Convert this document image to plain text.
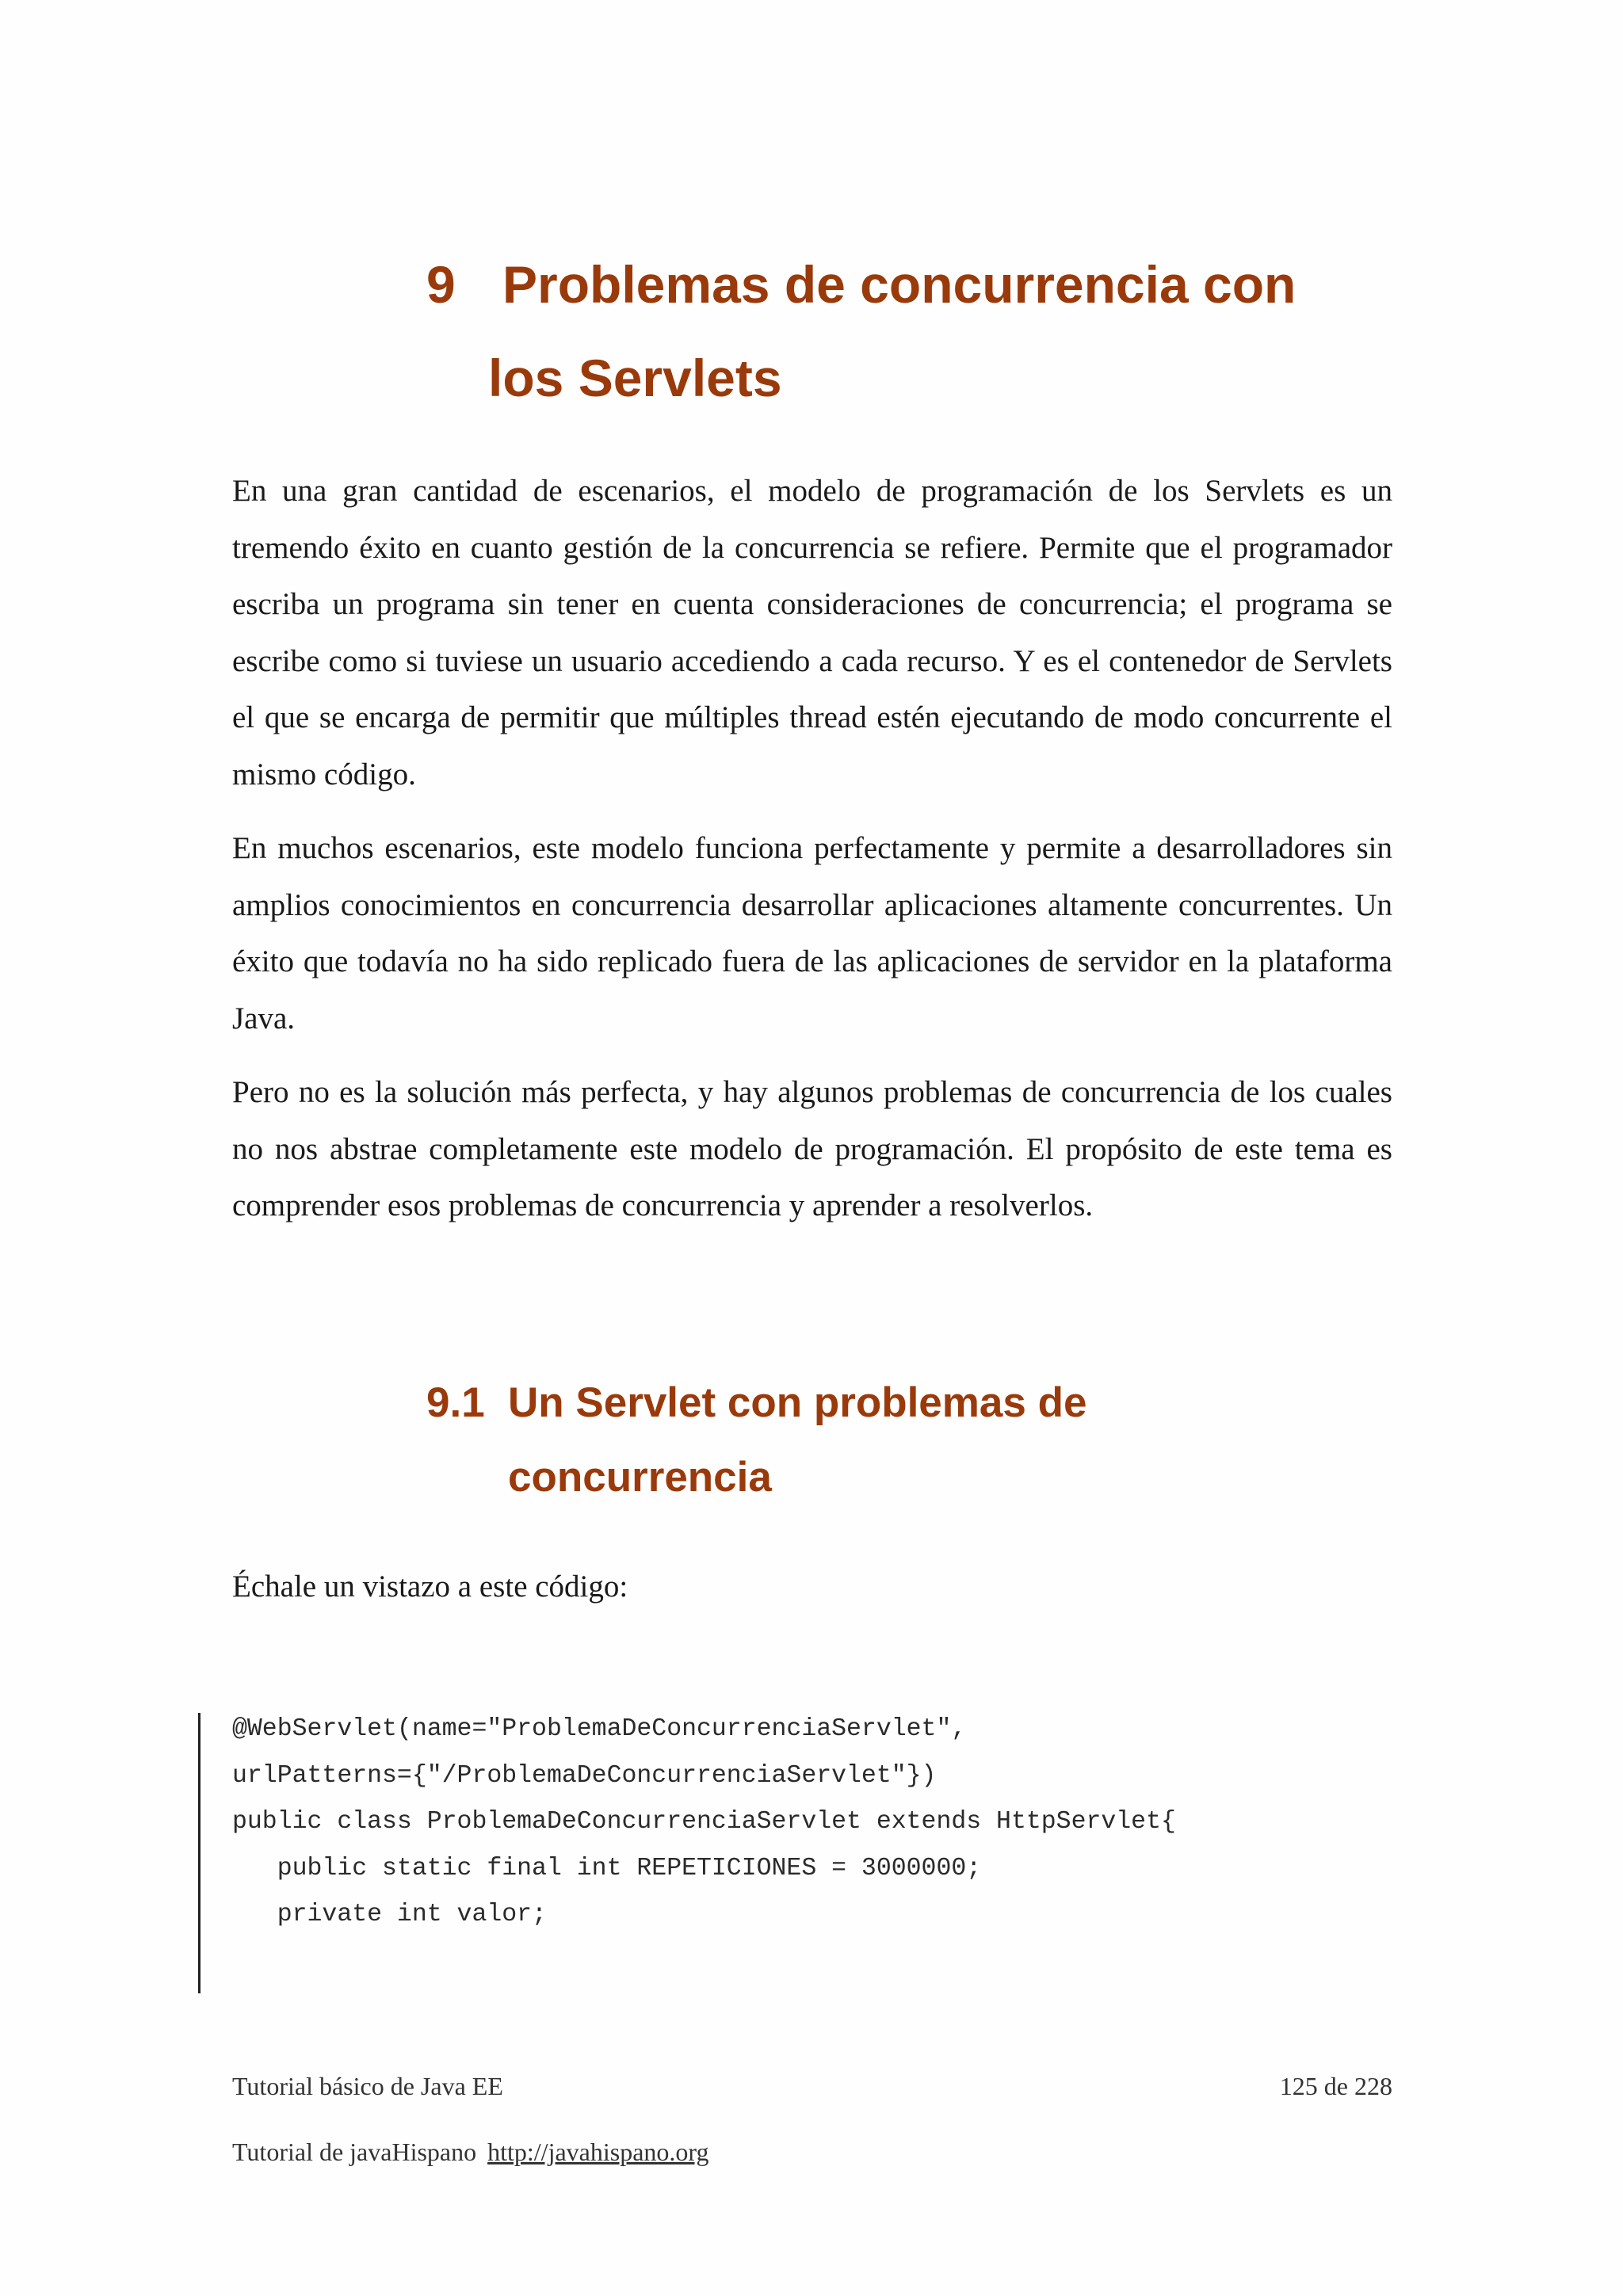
9 Problemas de concurrencia con
los Servlets

En una gran cantidad de escenarios, el modelo de programación de los Servlets es un tremendo éxito en cuanto gestión de la concurrencia se refiere. Permite que el programador escriba un programa sin tener en cuenta consideraciones de concurrencia; el programa se escribe como si tuviese un usuario accediendo a cada recurso. Y es el contenedor de Servlets el que se encarga de permitir que múltiples thread estén ejecutando de modo concurrente el mismo código.

En muchos escenarios, este modelo funciona perfectamente y permite a desarrolladores sin amplios conocimientos en concurrencia desarrollar aplicaciones altamente concurrentes. Un éxito que todavía no ha sido replicado fuera de las aplicaciones de servidor en la plataforma Java.

Pero no es la solución más perfecta, y hay algunos problemas de concurrencia de los cuales no nos abstrae completamente este modelo de programación. El propósito de este tema es comprender esos problemas de concurrencia y aprender a resolverlos.

9.1 Un Servlet con problemas de
concurrencia

Échale un vistazo a este código:

@WebServlet(name="ProblemaDeConcurrenciaServlet",
urlPatterns={"/ProblemaDeConcurrenciaServlet"})
public class ProblemaDeConcurrenciaServlet extends HttpServlet{
public static final int REPETICIONES = 3000000;
private int valor;

Tutorial básico de Java EE	125 de 228

Tutorial de javaHispano http://javahispano.org
